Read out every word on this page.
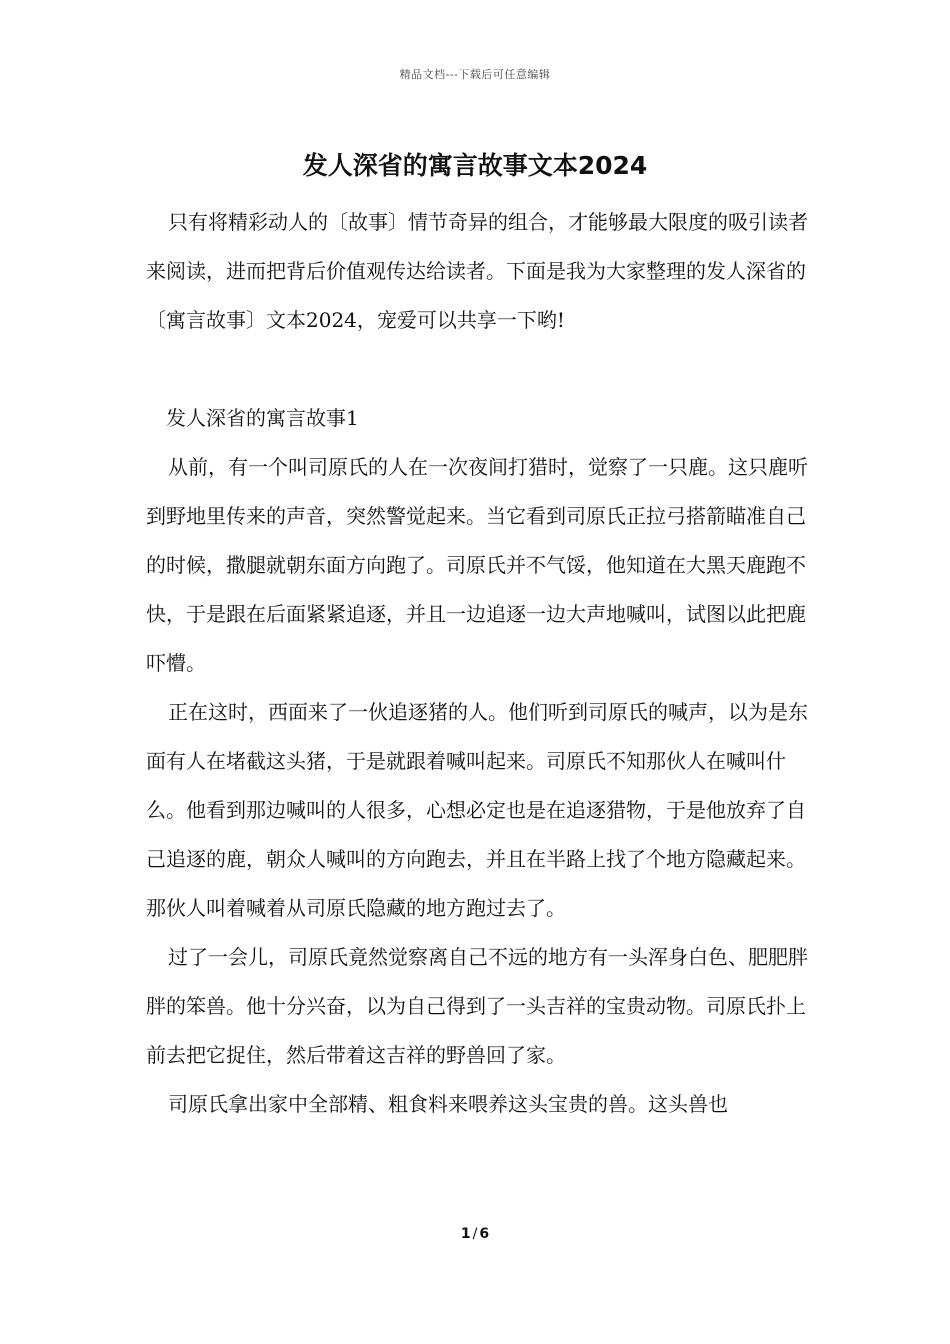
精品文档---下载后可任意编辑
发人深省的寓言故事文本2024

只有将精彩动人的〔故事〕情节奇异的组合，才能够最大限度的吸引读者来阅读，进而把背后价值观传达给读者。下面是我为大家整理的发人深省的〔寓言故事〕文本2024，宠爱可以共享一下哟!

发人深省的寓言故事1

从前，有一个叫司原氏的人在一次夜间打猎时，觉察了一只鹿。这只鹿听到野地里传来的声音，突然警觉起来。当它看到司原氏正拉弓搭箭瞄准自己的时候，撒腿就朝东面方向跑了。司原氏并不气馁，他知道在大黑天鹿跑不快，于是跟在后面紧紧追逐，并且一边追逐一边大声地喊叫，试图以此把鹿吓懵。

正在这时，西面来了一伙追逐猪的人。他们听到司原氏的喊声，以为是东面有人在堵截这头猪，于是就跟着喊叫起来。司原氏不知那伙人在喊叫什么。他看到那边喊叫的人很多，心想必定也是在追逐猎物，于是他放弃了自己追逐的鹿，朝众人喊叫的方向跑去，并且在半路上找了个地方隐藏起来。那伙人叫着喊着从司原氏隐藏的地方跑过去了。

过了一会儿，司原氏竟然觉察离自己不远的地方有一头浑身白色、肥肥胖胖的笨兽。他十分兴奋，以为自己得到了一头吉祥的宝贵动物。司原氏扑上前去把它捉住，然后带着这吉祥的野兽回了家。

司原氏拿出家中全部精、粗食料来喂养这头宝贵的兽。这头兽也

1 / 6
